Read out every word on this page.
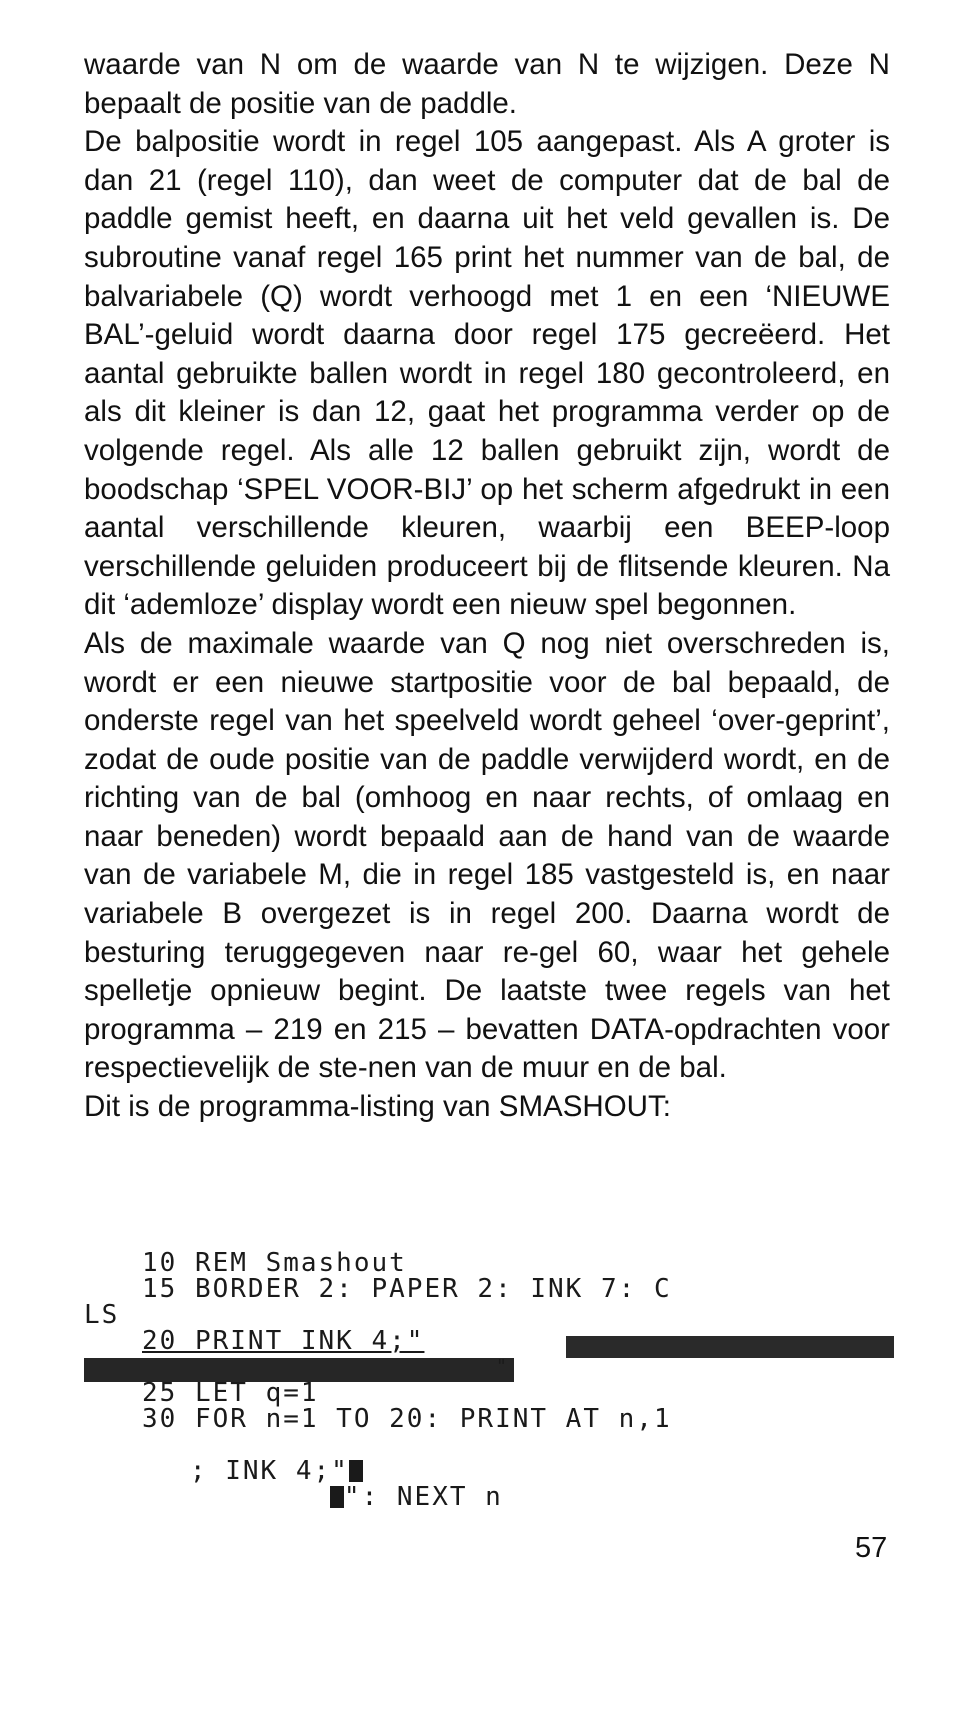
waarde van N om de waarde van N te wijzigen. Deze N bepaalt de positie van de paddle.

De balpositie wordt in regel 105 aangepast. Als A groter is dan 21 (regel 110), dan weet de computer dat de bal de paddle gemist heeft, en daarna uit het veld gevallen is. De subroutine vanaf regel 165 print het nummer van de bal, de balvariabele (Q) wordt verhoogd met 1 en een ‘NIEUWE BAL’-geluid wordt daarna door regel 175 gecreëerd. Het aantal gebruikte ballen wordt in regel 180 gecontroleerd, en als dit kleiner is dan 12, gaat het programma verder op de volgende regel. Als alle 12 ballen gebruikt zijn, wordt de boodschap ‘SPEL VOOR-BIJ’ op het scherm afgedrukt in een aantal verschillende kleuren, waarbij een BEEP-loop verschillende geluiden produceert bij de flitsende kleuren. Na dit ‘ademloze’ display wordt een nieuw spel begonnen.

Als de maximale waarde van Q nog niet overschreden is, wordt er een nieuwe startpositie voor de bal bepaald, de onderste regel van het speelveld wordt geheel ‘over-geprint’, zodat de oude positie van de paddle verwijderd wordt, en de richting van de bal (omhoog en naar rechts, of omlaag en naar beneden) wordt bepaald aan de hand van de waarde van de variabele M, die in regel 185 vastgesteld is, en naar variabele B overgezet is in regel 200. Daarna wordt de besturing teruggegeven naar re-gel 60, waar het gehele spelletje opnieuw begint. De laatste twee regels van het programma – 219 en 215 – bevatten DATA-opdrachten voor respectievelijk de ste-nen van de muur en de bal.

Dit is de programma-listing van SMASHOUT:

10 REM Smashout
15 BORDER 2: PAPER 2: INK 7: C
LS

20 PRINT INK 4;"

"

25 LET q=1
30 FOR n=1 TO 20: PRINT AT n,1

; INK 4;"

": NEXT n

57
